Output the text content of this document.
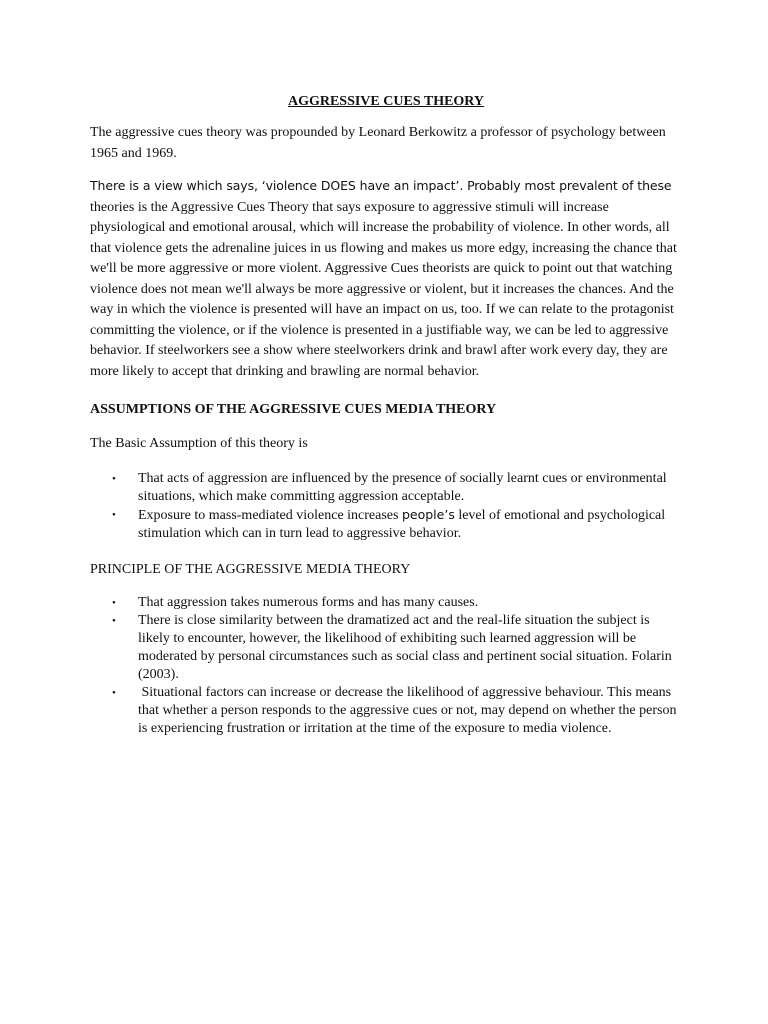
AGGRESSIVE CUES THEORY

The aggressive cues theory was propounded by Leonard Berkowitz a professor of psychology between 1965 and 1969.

There is a view which says, ‘violence DOES have an impact’. Probably most prevalent of these theories is the Aggressive Cues Theory that says exposure to aggressive stimuli will increase physiological and emotional arousal, which will increase the probability of violence. In other words, all that violence gets the adrenaline juices in us flowing and makes us more edgy, increasing the chance that we'll be more aggressive or more violent. Aggressive Cues theorists are quick to point out that watching violence does not mean we'll always be more aggressive or violent, but it increases the chances. And the way in which the violence is presented will have an impact on us, too. If we can relate to the protagonist committing the violence, or if the violence is presented in a justifiable way, we can be led to aggressive behavior. If steelworkers see a show where steelworkers drink and brawl after work every day, they are more likely to accept that drinking and brawling are normal behavior.

ASSUMPTIONS OF THE AGGRESSIVE CUES MEDIA THEORY

The Basic Assumption of this theory is

• That acts of aggression are influenced by the presence of socially learnt cues or environmental situations, which make committing aggression acceptable.
• Exposure to mass-mediated violence increases people’s level of emotional and psychological stimulation which can in turn lead to aggressive behavior.
PRINCIPLE OF THE AGGRESSIVE MEDIA THEORY
• That aggression takes numerous forms and has many causes.
• There is close similarity between the dramatized act and the real-life situation the subject is likely to encounter, however, the likelihood of exhibiting such learned aggression will be moderated by personal circumstances such as social class and pertinent social situation. Folarin (2003).
• Situational factors can increase or decrease the likelihood of aggressive behaviour. This means that whether a person responds to the aggressive cues or not, may depend on whether the person is experiencing frustration or irritation at the time of the exposure to media violence.
